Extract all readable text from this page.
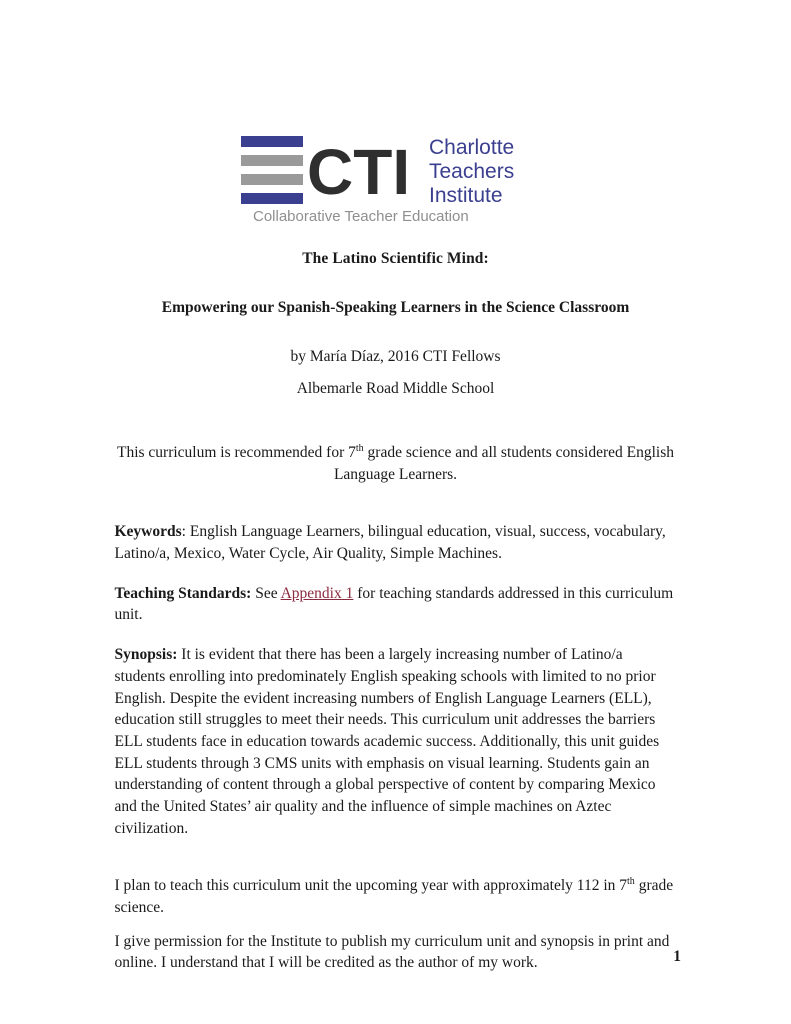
CTI Charlotte
Teachers
Institute
Collaborative Teacher Education

The Latino Scientific Mind:

Empowering our Spanish-Speaking Learners in the Science Classroom

by María Díaz, 2016 CTI Fellows

Albemarle Road Middle School

This curriculum is recommended for 7th grade science and all students considered English Language Learners.

Keywords: English Language Learners, bilingual education, visual, success, vocabulary, Latino/a, Mexico, Water Cycle, Air Quality, Simple Machines.

Teaching Standards: See Appendix 1 for teaching standards addressed in this curriculum unit.

Synopsis: It is evident that there has been a largely increasing number of Latino/a students enrolling into predominately English speaking schools with limited to no prior English. Despite the evident increasing numbers of English Language Learners (ELL), education still struggles to meet their needs. This curriculum unit addresses the barriers ELL students face in education towards academic success. Additionally, this unit guides ELL students through 3 CMS units with emphasis on visual learning. Students gain an understanding of content through a global perspective of content by comparing Mexico and the United States’ air quality and the influence of simple machines on Aztec civilization.

I plan to teach this curriculum unit the upcoming year with approximately 112 in 7th grade science.

I give permission for the Institute to publish my curriculum unit and synopsis in print and online. I understand that I will be credited as the author of my work.	1
